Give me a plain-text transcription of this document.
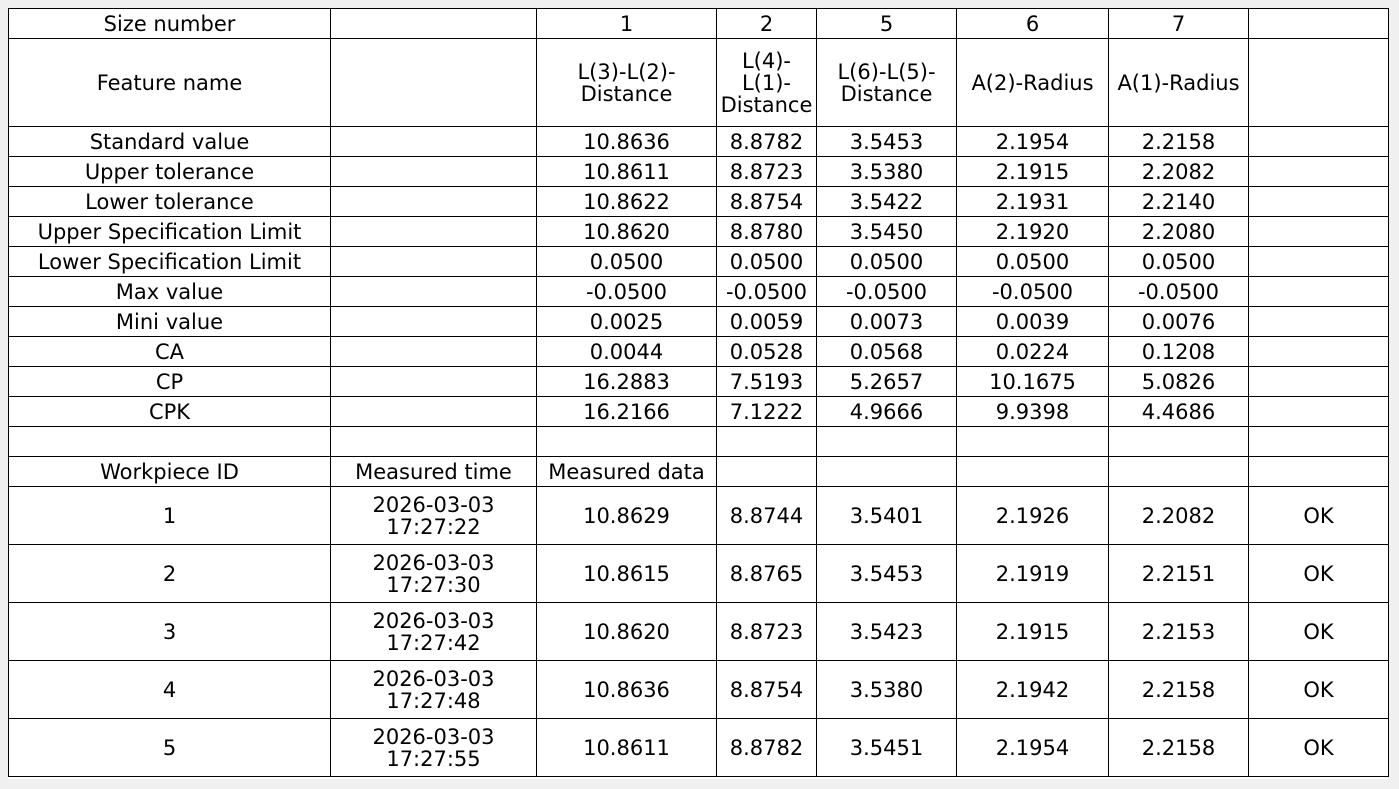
Size number		1	2	5	6	7	
Feature name		L(3)-L(2)-Distance	L(4)-L(1)-Distance	L(6)-L(5)-Distance	A(2)-Radius	A(1)-Radius	
Standard value		10.8636	8.8782	3.5453	2.1954	2.2158	
Upper tolerance		10.8611	8.8723	3.5380	2.1915	2.2082	
Lower tolerance		10.8622	8.8754	3.5422	2.1931	2.2140	
Upper Specification Limit		10.8620	8.8780	3.5450	2.1920	2.2080	
Lower Specification Limit		0.0500	0.0500	0.0500	0.0500	0.0500	
Max value		-0.0500	-0.0500	-0.0500	-0.0500	-0.0500	
Mini value		0.0025	0.0059	0.0073	0.0039	0.0076	
CA		0.0044	0.0528	0.0568	0.0224	0.1208	
CP		16.2883	7.5193	5.2657	10.1675	5.0826	
CPK		16.2166	7.1222	4.9666	9.9398	4.4686	

Workpiece ID	Measured time	Measured data					
1	2026-03-03
17:27:22	10.8629	8.8744	3.5401	2.1926	2.2082	OK
2	2026-03-03
17:27:30	10.8615	8.8765	3.5453	2.1919	2.2151	OK
3	2026-03-03
17:27:42	10.8620	8.8723	3.5423	2.1915	2.2153	OK
4	2026-03-03
17:27:48	10.8636	8.8754	3.5380	2.1942	2.2158	OK
5	2026-03-03
17:27:55	10.8611	8.8782	3.5451	2.1954	2.2158	OK
